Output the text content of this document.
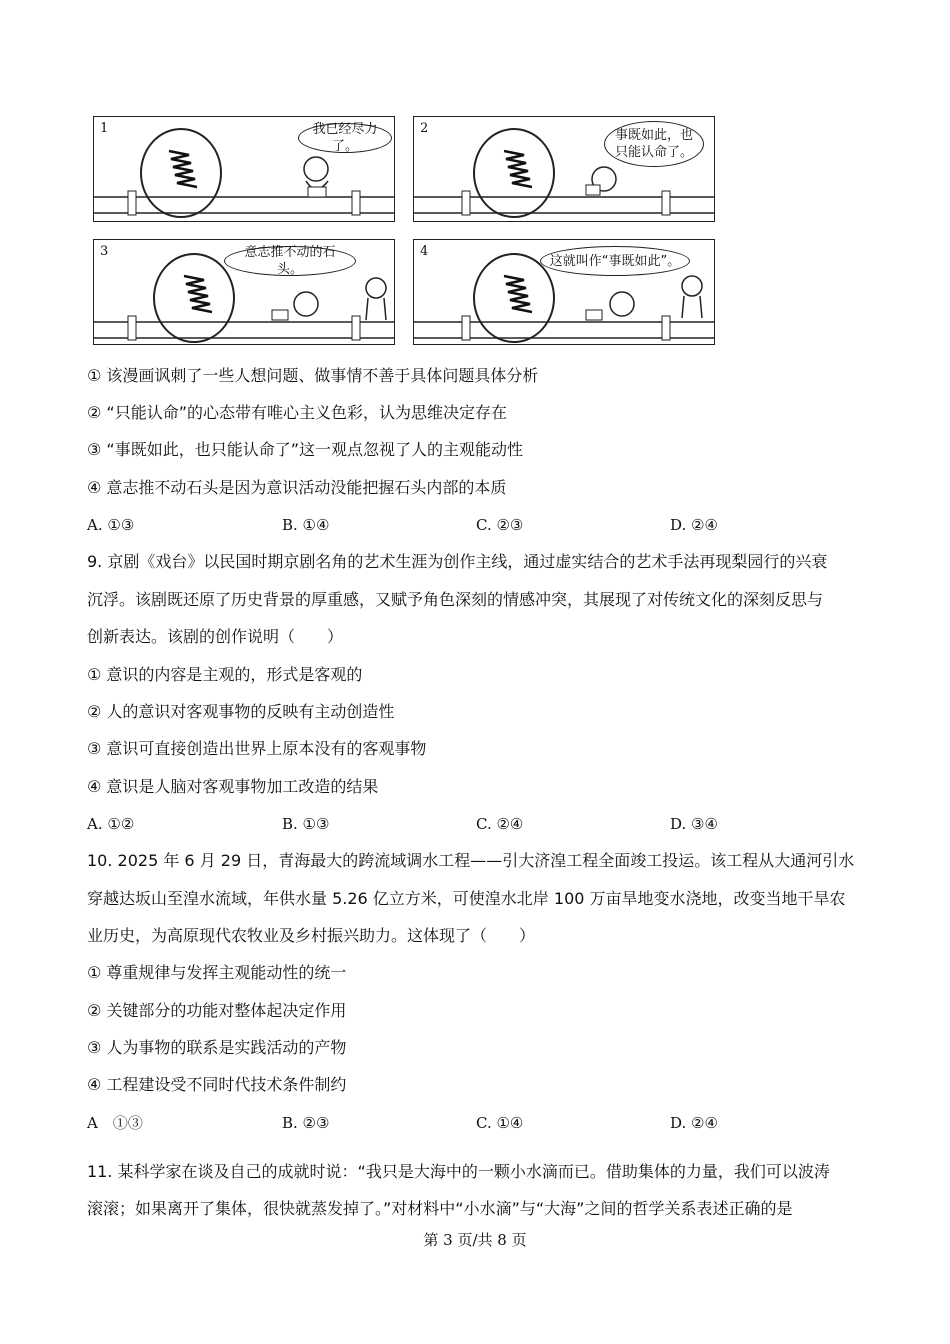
1	我已经尽力了。
2	事既如此，也只能认命了。
3	意志推不动的石头。
4
这就叫作“事既如此”。
① 该漫画讽刺了一些人想问题、做事情不善于具体问题具体分析
② “只能认命”的心态带有唯心主义色彩，认为思维决定存在
③ “事既如此，也只能认命了”这一观点忽视了人的主观能动性
④ 意志推不动石头是因为意识活动没能把握石头内部的本质
A. ①③	B. ①④	C. ②③	D. ②④
9. 京剧《戏台》以民国时期京剧名角的艺术生涯为创作主线，通过虚实结合的艺术手法再现梨园行的兴衰
沉浮。该剧既还原了历史背景的厚重感，又赋予角色深刻的情感冲突，其展现了对传统文化的深刻反思与
创新表达。该剧的创作说明（　　）
① 意识的内容是主观的，形式是客观的
② 人的意识对客观事物的反映有主动创造性
③ 意识可直接创造出世界上原本没有的客观事物
④ 意识是人脑对客观事物加工改造的结果
A. ①②	B. ①③	C. ②④	D. ③④
10. 2025 年 6 月 29 日，青海最大的跨流域调水工程——引大济湟工程全面竣工投运。该工程从大通河引水
穿越达坂山至湟水流域，年供水量 5.26 亿立方米，可使湟水北岸 100 万亩旱地变水浇地，改变当地干旱农
业历史，为高原现代农牧业及乡村振兴助力。这体现了（　　）
① 尊重规律与发挥主观能动性的统一
② 关键部分的功能对整体起决定作用
③ 人为事物的联系是实践活动的产物
④ 工程建设受不同时代技术条件制约
A　①③	B. ②③	C. ①④	D. ②④
11. 某科学家在谈及自己的成就时说：“我只是大海中的一颗小水滴而已。借助集体的力量，我们可以波涛
滚滚；如果离开了集体，很快就蒸发掉了。”对材料中“小水滴”与“大海”之间的哲学关系表述正确的是
第 3 页/共 8 页
